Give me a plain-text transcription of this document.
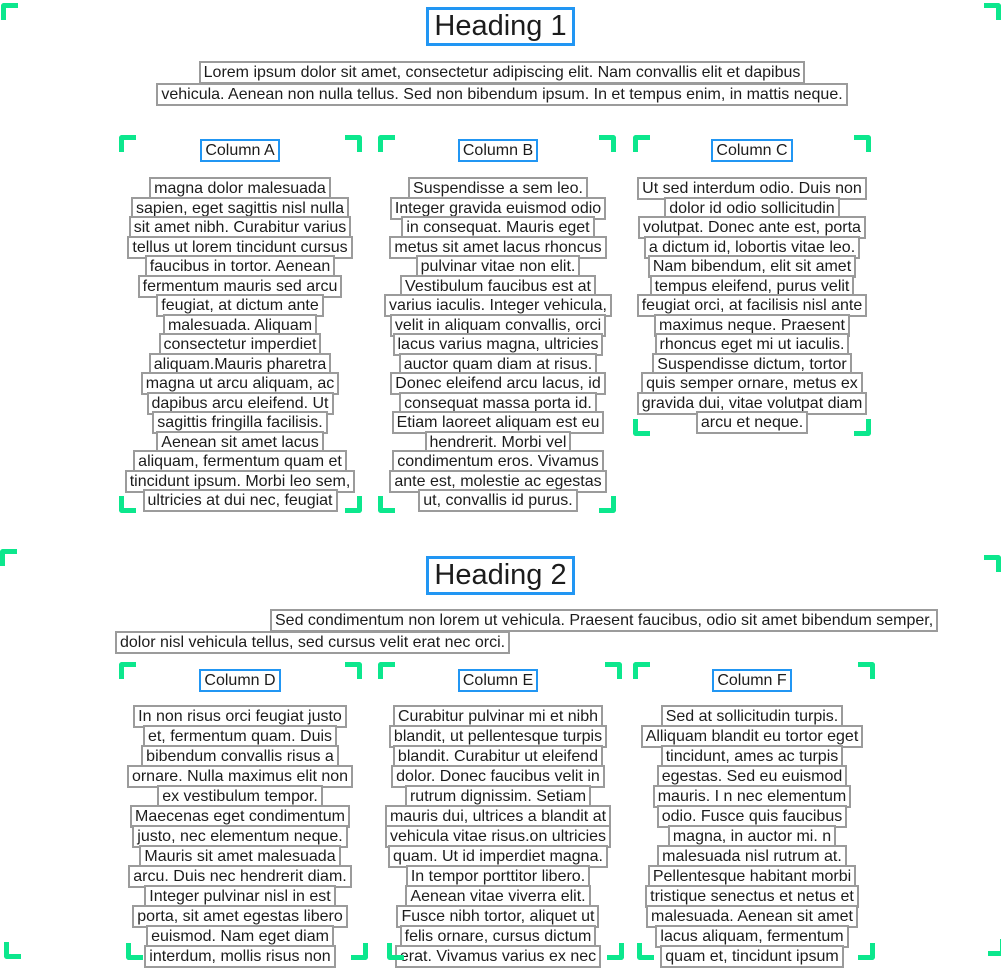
Heading 1
Lorem ipsum dolor sit amet, consectetur adipiscing elit. Nam convallis elit et dapibus
vehicula. Aenean non nulla tellus. Sed non bibendum ipsum. In et tempus enim, in mattis neque.
Column A
magna dolor malesuada
sapien, eget sagittis nisl nulla
sit amet nibh. Curabitur varius
tellus ut lorem tincidunt cursus
faucibus in tortor. Aenean
fermentum mauris sed arcu
feugiat, at dictum ante
malesuada. Aliquam
consectetur imperdiet
aliquam.Mauris pharetra
magna ut arcu aliquam, ac
dapibus arcu eleifend. Ut
sagittis fringilla facilisis.
Aenean sit amet lacus
aliquam, fermentum quam et
tincidunt ipsum. Morbi leo sem,
ultricies at dui nec, feugiat
Column B
Suspendisse a sem leo.
Integer gravida euismod odio
in consequat. Mauris eget
metus sit amet lacus rhoncus
pulvinar vitae non elit.
Vestibulum faucibus est at
varius iaculis. Integer vehicula,
velit in aliquam convallis, orci
lacus varius magna, ultricies
auctor quam diam at risus.
Donec eleifend arcu lacus, id
consequat massa porta id.
Etiam laoreet aliquam est eu
hendrerit. Morbi vel
condimentum eros. Vivamus
ante est, molestie ac egestas
ut, convallis id purus.
Column C
Ut sed interdum odio. Duis non
dolor id odio sollicitudin
volutpat. Donec ante est, porta
a dictum id, lobortis vitae leo.
Nam bibendum, elit sit amet
tempus eleifend, purus velit
feugiat orci, at facilisis nisl ante
maximus neque. Praesent
rhoncus eget mi ut iaculis.
Suspendisse dictum, tortor
quis semper ornare, metus ex
gravida dui, vitae volutpat diam
arcu et neque.
Heading 2
Sed condimentum non lorem ut vehicula. Praesent faucibus, odio sit amet bibendum semper,
dolor nisl vehicula tellus, sed cursus velit erat nec orci.
Column D
In non risus orci feugiat justo
et, fermentum quam. Duis
bibendum convallis risus a
ornare. Nulla maximus elit non
ex vestibulum tempor.
Maecenas eget condimentum
justo, nec elementum neque.
Mauris sit amet malesuada
arcu. Duis nec hendrerit diam.
Integer pulvinar nisl in est
porta, sit amet egestas libero
euismod. Nam eget diam
interdum, mollis risus non
Column E
Curabitur pulvinar mi et nibh
blandit, ut pellentesque turpis
blandit. Curabitur ut eleifend
dolor. Donec faucibus velit in
rutrum dignissim. Setiam
mauris dui, ultrices a blandit at
vehicula vitae risus.on ultricies
quam. Ut id imperdiet magna.
In tempor porttitor libero.
Aenean vitae viverra elit.
Fusce nibh tortor, aliquet ut
felis ornare, cursus dictum
erat. Vivamus varius ex nec
Column F
Sed at sollicitudin turpis.
Alliquam blandit eu tortor eget
tincidunt, ames ac turpis
egestas. Sed eu euismod
mauris. I n nec elementum
odio. Fusce quis faucibus
magna, in auctor mi. n
malesuada nisl rutrum at.
Pellentesque habitant morbi
tristique senectus et netus et
malesuada. Aenean sit amet
lacus aliquam, fermentum
quam et, tincidunt ipsum
